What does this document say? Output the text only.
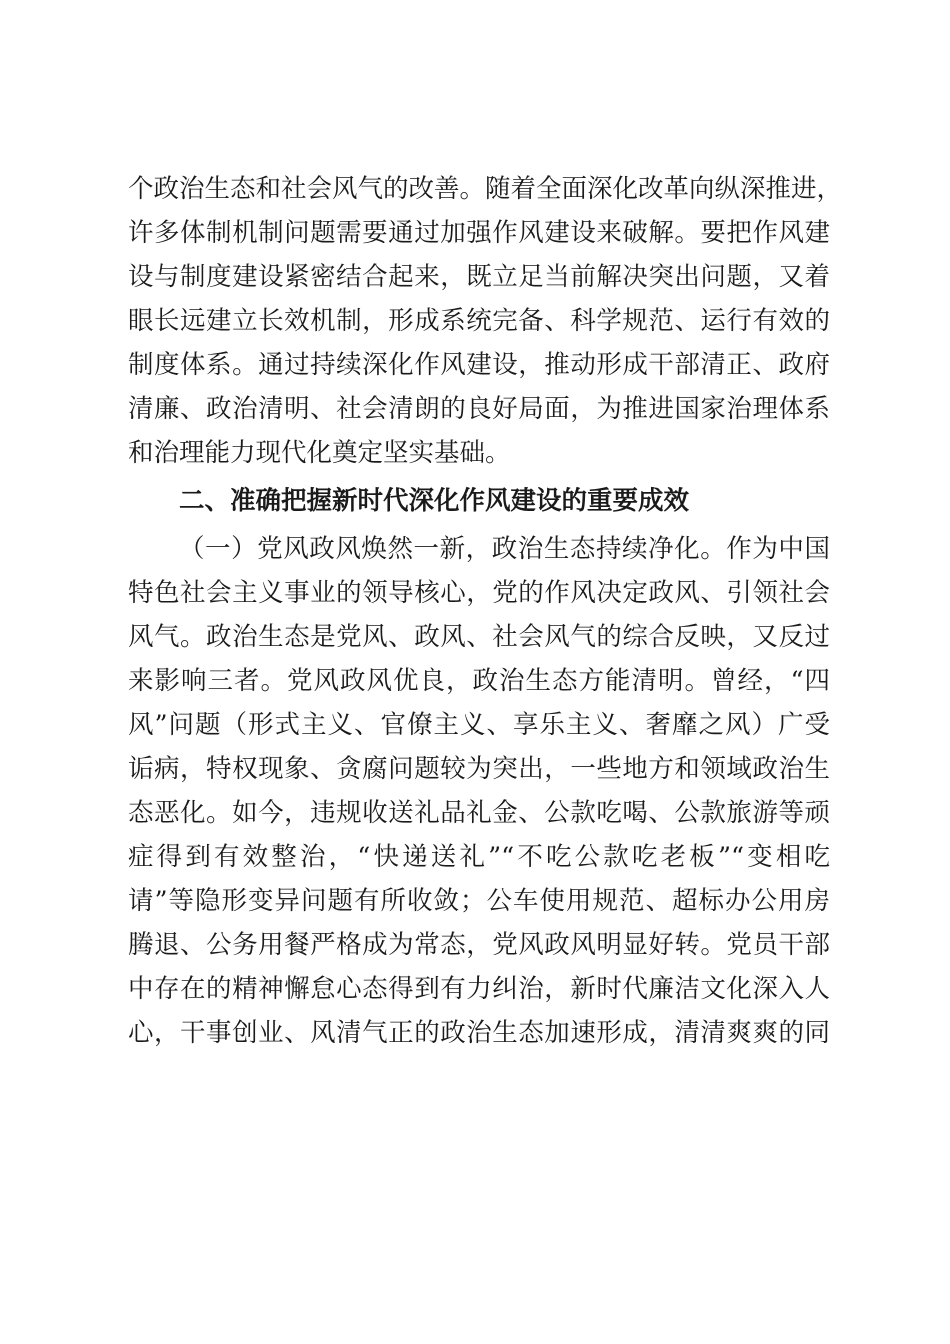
个政治生态和社会风气的改善。随着全面深化改革向纵深推进，
许多体制机制问题需要通过加强作风建设来破解。要把作风建
设与制度建设紧密结合起来，既立足当前解决突出问题，又着
眼长远建立长效机制，形成系统完备、科学规范、运行有效的
制度体系。通过持续深化作风建设，推动形成干部清正、政府
清廉、政治清明、社会清朗的良好局面，为推进国家治理体系
和治理能力现代化奠定坚实基础。
二、准确把握新时代深化作风建设的重要成效
（一）党风政风焕然一新，政治生态持续净化。作为中国
特色社会主义事业的领导核心，党的作风决定政风、引领社会
风气。政治生态是党风、政风、社会风气的综合反映，又反过
来影响三者。党风政风优良，政治生态方能清明。曾经，“四
风”问题（形式主义、官僚主义、享乐主义、奢靡之风）广受
诟病，特权现象、贪腐问题较为突出，一些地方和领域政治生
态恶化。如今，违规收送礼品礼金、公款吃喝、公款旅游等顽
症得到有效整治，“快递送礼”“不吃公款吃老板”“变相吃
请”等隐形变异问题有所收敛；公车使用规范、超标办公用房
腾退、公务用餐严格成为常态，党风政风明显好转。党员干部
中存在的精神懈怠心态得到有力纠治，新时代廉洁文化深入人
心，干事创业、风清气正的政治生态加速形成，清清爽爽的同
